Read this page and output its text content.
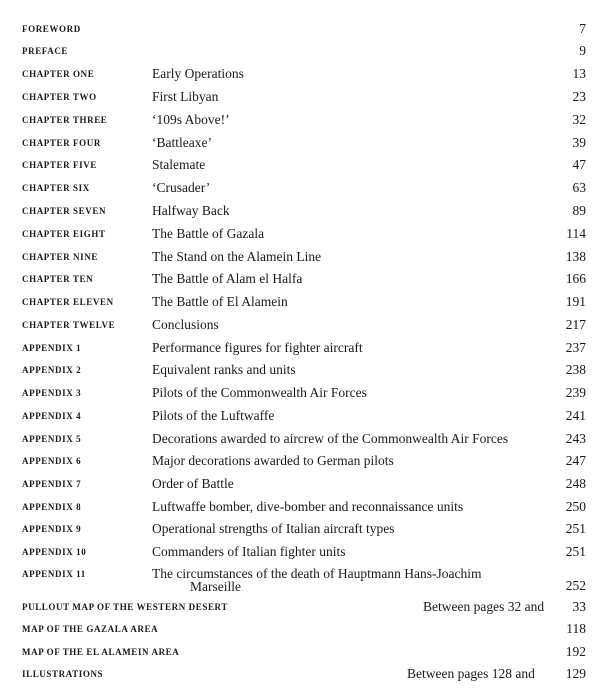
FOREWORD	7
PREFACE	9
CHAPTER ONE	Early Operations	13
CHAPTER TWO	First Libyan	23
CHAPTER THREE	‘109s Above!’	32
CHAPTER FOUR	‘Battleaxe’	39
CHAPTER FIVE	Stalemate	47
CHAPTER SIX	‘Crusader’	63
CHAPTER SEVEN	Halfway Back	89
CHAPTER EIGHT	The Battle of Gazala	114
CHAPTER NINE	The Stand on the Alamein Line	138
CHAPTER TEN	The Battle of Alam el Halfa	166
CHAPTER ELEVEN	The Battle of El Alamein	191
CHAPTER TWELVE	Conclusions	217
APPENDIX 1	Performance figures for fighter aircraft	237
APPENDIX 2	Equivalent ranks and units	238
APPENDIX 3	Pilots of the Commonwealth Air Forces	239
APPENDIX 4	Pilots of the Luftwaffe	241
APPENDIX 5	Decorations awarded to aircrew of the Commonwealth Air Forces	243
APPENDIX 6	Major decorations awarded to German pilots	247
APPENDIX 7	Order of Battle	248
APPENDIX 8	Luftwaffe bomber, dive-bomber and reconnaissance units	250
APPENDIX 9	Operational strengths of Italian aircraft types	251
APPENDIX 10	Commanders of Italian fighter units	251
APPENDIX 11	The circumstances of the death of Hauptmann Hans-Joachim
Marseille	252
PULLOUT MAP OF THE WESTERN DESERT	Between pages 32 and 33
MAP OF THE GAZALA AREA	118
MAP OF THE EL ALAMEIN AREA	192
ILLUSTRATIONS	Between pages 128 and 129
